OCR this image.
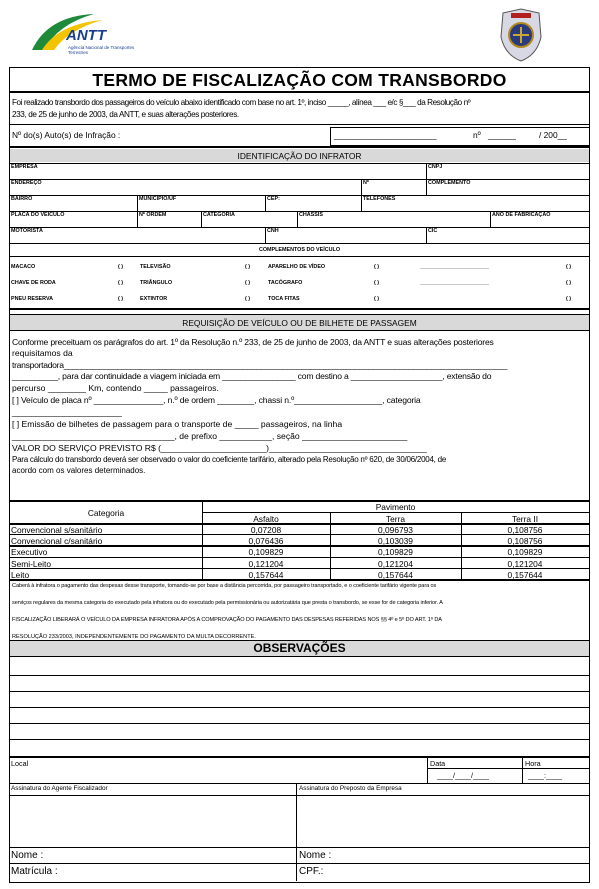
ANTT
Agência Nacional de Transportes Terrestres
TERMO DE FISCALIZAÇÃO COM TRANSBORDO
Foi realizado transbordo dos passageiros do veículo abaixo identificado com base no art. 1º, inciso _____, alínea ___ e/c §___ da Resolução nº
233, de 25 de junho de 2003, da ANTT, e suas alterações posteriores.
Nº do(s) Auto(s) de Infração :	______________________	nº ______	/ 200__
IDENTIFICAÇÃO DO INFRATOR
EMPRESA	CNPJ
ENDEREÇO	Nº	COMPLEMENTO
BAIRRO	MUNICÍPIO/UF	CEP:	TELEFONES
PLACA DO VEÍCULO	Nº ORDEM	CATEGORIA	CHASSIS	ANO DE FABRICAÇÃO
MOTORISTA	CNH	CIC
COMPLEMENTOS DO VEÍCULO
MACACO	( )	TELEVISÃO	( )	APARELHO DE VÍDEO	( )	_______________________	( )
CHAVE DE RODA	( )	TRIÂNGULO	( )	TACÓGRAFO	( )	_______________________	( )
PNEU RESERVA	( )	EXTINTOR	( )	TOCA FITAS	( )	( )
REQUISIÇÃO DE VEÍCULO OU DE BILHETE DE PASSAGEM
Conforme preceituam os parágrafos do art. 1º da Resolução n.º 233, de 25 de junho de 2003, da ANTT e suas alterações posteriores
requisitamos da
transportadora___________________________________________________________________________________________________
__________, para dar continuidade a viagem iniciada em ________________ com destino a ____________________, extensão do
percurso ________ Km, contendo _____ passageiros.
[ ] Veículo de placa nº _______________, n.º de ordem ________, chassi n.º___________________, categoria
_______________________
[ ] Emissão de bilhetes de passagem para o transporte de _____ passageiros, na linha
__________________________________, de prefixo ___________, seção ______________________
VALOR DO SERVIÇO PREVISTO R$ (______________________)_________________________________
Para cálculo do transbordo deverá ser observado o valor do coeficiente tarifário, alterado pela Resolução nº 620, de 30/06/2004, de
acordo com os valores determinados.
Categoria
Pavimento
Asfalto	Terra	Terra II
Convencional s/sanitário	0,07208	0,096793	0,108756
Convencional c/sanitário	0,076436	0,103039	0,108756
Executivo	0,109829	0,109829	0,109829
Semi-Leito	0,121204	0,121204	0,121204
Leito	0,157644	0,157644	0,157644
Caberá à infratora o pagamento das despesas desse transporte, tomando-se por base a distância percorrida, por passageiro transportado, e o coeficiente tarifário vigente para os
serviços regulares da mesma categoria do executado pela infratora ou do executado pela permissionária ou autorizatária que presta o transbordo, se esse for de categoria inferior. A
FISCALIZAÇÃO LIBERARÁ O VEÍCULO DA EMPRESA INFRATORA APÓS A COMPROVAÇÃO DO PAGAMENTO DAS DESPESAS REFERIDAS NOS §§ 4º e 5º DO ART. 1º DA
RESOLUÇÃO 233/2003, INDEPENDENTEMENTE DO PAGAMENTO DA MULTA DECORRENTE.
OBSERVAÇÕES
Local	Data	Hora
____/____/____	____:____
Assinatura do Agente Fiscalizador	Assinatura do Preposto da Empresa
Nome :	Nome :
Matrícula :	CPF.:
